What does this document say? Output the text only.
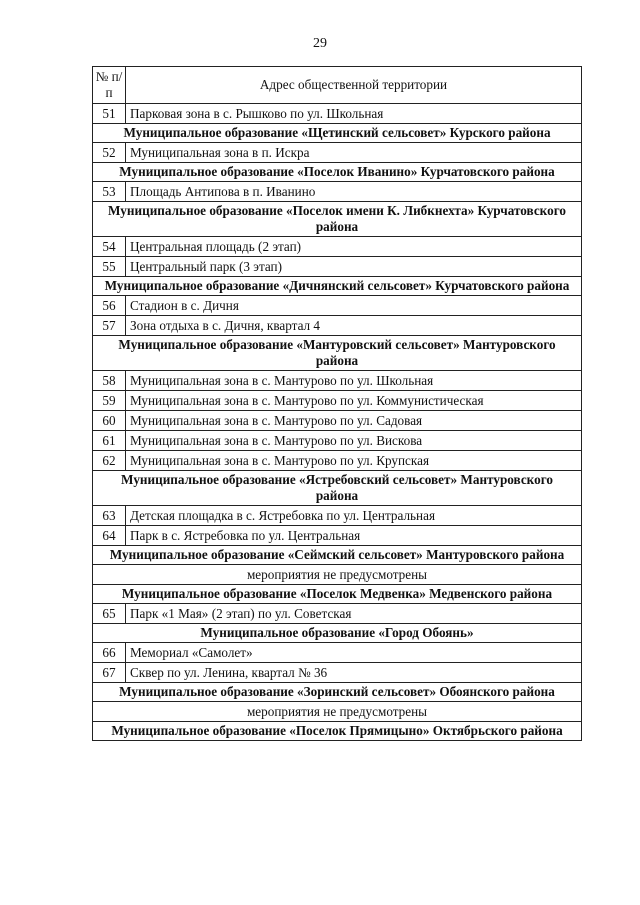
29
№ п/п	Адрес общественной территории
51	Парковая зона в с. Рышково по ул. Школьная
Муниципальное образование «Щетинский сельсовет» Курского района	
52	Муниципальная зона в п. Искра
Муниципальное образование «Поселок Иванино» Курчатовского района	
53	Площадь Антипова в п. Иванино
Муниципальное образование «Поселок имени К. Либкнехта» Курчатовского района	
54	Центральная площадь (2 этап)
55	Центральный парк (3 этап)
Муниципальное образование «Дичнянский сельсовет» Курчатовского района	
56	Стадион в с. Дичня
57	Зона отдыха в с. Дичня, квартал 4
Муниципальное образование «Мантуровский сельсовет» Мантуровского района	
58	Муниципальная зона в с. Мантурово по ул. Школьная
59	Муниципальная зона в с. Мантурово по ул. Коммунистическая
60	Муниципальная зона в с. Мантурово по ул. Садовая
61	Муниципальная зона в с. Мантурово по ул. Вискова
62	Муниципальная зона в с. Мантурово по ул. Крупская
Муниципальное образование «Ястребовский сельсовет» Мантуровского района	
63	Детская площадка в с. Ястребовка по ул. Центральная
64	Парк в с. Ястребовка по ул. Центральная
Муниципальное образование «Сеймский сельсовет» Мантуровского района	
мероприятия не предусмотрены	
Муниципальное образование «Поселок Медвенка» Медвенского района	
65	Парк «1 Мая» (2 этап) по ул. Советская
Муниципальное образование «Город Обоянь»	
66	Мемориал «Самолет»
67	Сквер по ул. Ленина, квартал № 36
Муниципальное образование «Зоринский сельсовет» Обоянского района	
мероприятия не предусмотрены	
Муниципальное образование «Поселок Прямицыно» Октябрьского района	
